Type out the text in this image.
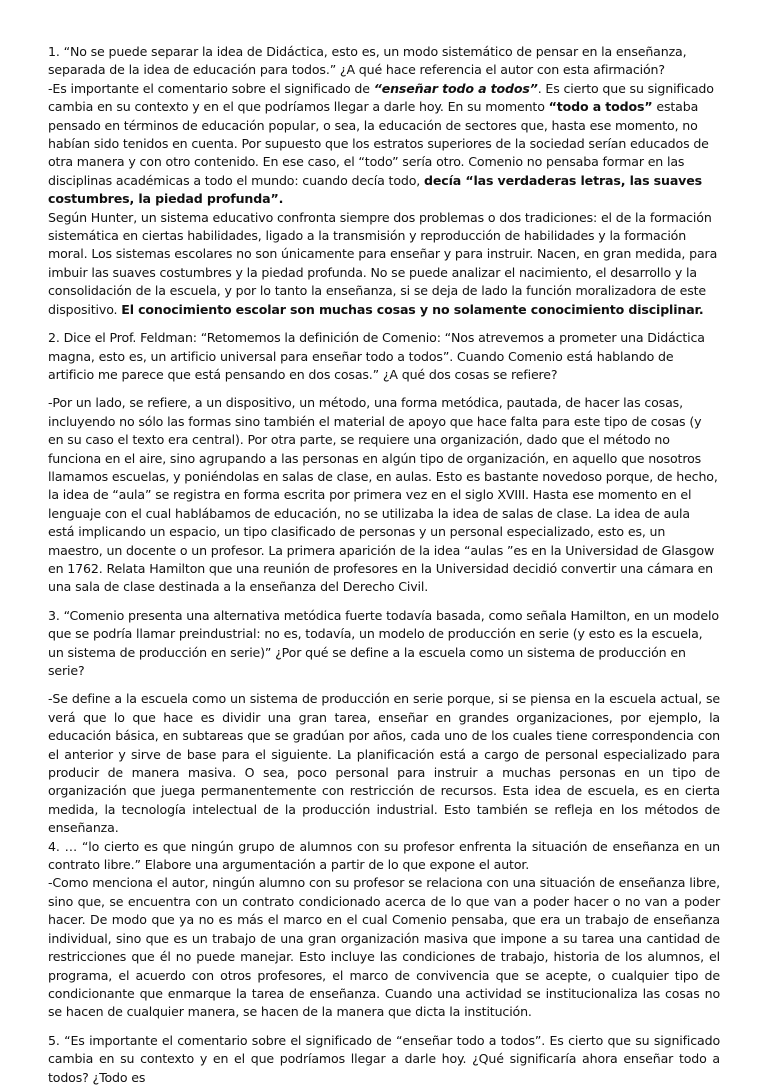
1. “No se puede separar la idea de Didáctica, esto es, un modo sistemático de pensar en la enseñanza, separada de la idea de educación para todos.” ¿A qué hace referencia el autor con esta afirmación?

-Es importante el comentario sobre el significado de “enseñar todo a todos”. Es cierto que su significado cambia en su contexto y en el que podríamos llegar a darle hoy. En su momento “todo a todos” estaba pensado en términos de educación popular, o sea, la educación de sectores que, hasta ese momento, no habían sido tenidos en cuenta. Por supuesto que los estratos superiores de la sociedad serían educados de otra manera y con otro contenido. En ese caso, el “todo” sería otro. Comenio no pensaba formar en las disciplinas académicas a todo el mundo: cuando decía todo, decía “las verdaderas letras, las suaves costumbres, la piedad profunda”.

Según Hunter, un sistema educativo confronta siempre dos problemas o dos tradiciones: el de la formación sistemática en ciertas habilidades, ligado a la transmisión y reproducción de habilidades y la formación moral. Los sistemas escolares no son únicamente para enseñar y para instruir. Nacen, en gran medida, para imbuir las suaves costumbres y la piedad profunda. No se puede analizar el nacimiento, el desarrollo y la consolidación de la escuela, y por lo tanto la enseñanza, si se deja de lado la función moralizadora de este dispositivo. El conocimiento escolar son muchas cosas y no solamente conocimiento disciplinar.

2. Dice el Prof. Feldman: “Retomemos la definición de Comenio: “Nos atrevemos a prometer una Didáctica magna, esto es, un artificio universal para enseñar todo a todos”. Cuando Comenio está hablando de artificio me parece que está pensando en dos cosas.” ¿A qué dos cosas se refiere?

-Por un lado, se refiere, a un dispositivo, un método, una forma metódica, pautada, de hacer las cosas, incluyendo no sólo las formas sino también el material de apoyo que hace falta para este tipo de cosas (y en su caso el texto era central). Por otra parte, se requiere una organización, dado que el método no funciona en el aire, sino agrupando a las personas en algún tipo de organización, en aquello que nosotros llamamos escuelas, y poniéndolas en salas de clase, en aulas. Esto es bastante novedoso porque, de hecho, la idea de “aula” se registra en forma escrita por primera vez en el siglo XVIII. Hasta ese momento en el lenguaje con el cual hablábamos de educación, no se utilizaba la idea de salas de clase. La idea de aula está implicando un espacio, un tipo clasificado de personas y un personal especializado, esto es, un maestro, un docente o un profesor. La primera aparición de la idea “aulas ”es en la Universidad de Glasgow en 1762. Relata Hamilton que una reunión de profesores en la Universidad decidió convertir una cámara en una sala de clase destinada a la enseñanza del Derecho Civil.

3. “Comenio presenta una alternativa metódica fuerte todavía basada, como señala Hamilton, en un modelo que se podría llamar preindustrial: no es, todavía, un modelo de producción en serie (y esto es la escuela, un sistema de producción en serie)” ¿Por qué se define a la escuela como un sistema de producción en serie?

-Se define a la escuela como un sistema de producción en serie porque, si se piensa en la escuela actual, se verá que lo que hace es dividir una gran tarea, enseñar en grandes organizaciones, por ejemplo, la educación básica, en subtareas que se gradúan por años, cada uno de los cuales tiene correspondencia con el anterior y sirve de base para el siguiente. La planificación está a cargo de personal especializado para producir de manera masiva. O sea, poco personal para instruir a muchas personas en un tipo de organización que juega permanentemente con restricción de recursos. Esta idea de escuela, es en cierta medida, la tecnología intelectual de la producción industrial. Esto también se refleja en los métodos de enseñanza.

4. … “lo cierto es que ningún grupo de alumnos con su profesor enfrenta la situación de enseñanza en un contrato libre.” Elabore una argumentación a partir de lo que expone el autor.

-Como menciona el autor, ningún alumno con su profesor se relaciona con una situación de enseñanza libre, sino que, se encuentra con un contrato condicionado acerca de lo que van a poder hacer o no van a poder hacer. De modo que ya no es más el marco en el cual Comenio pensaba, que era un trabajo de enseñanza individual, sino que es un trabajo de una gran organización masiva que impone a su tarea una cantidad de restricciones que él no puede manejar. Esto incluye las condiciones de trabajo, historia de los alumnos, el programa, el acuerdo con otros profesores, el marco de convivencia que se acepte, o cualquier tipo de condicionante que enmarque la tarea de enseñanza. Cuando una actividad se institucionaliza las cosas no se hacen de cualquier manera, se hacen de la manera que dicta la institución.

5. “Es importante el comentario sobre el significado de “enseñar todo a todos”. Es cierto que su significado cambia en su contexto y en el que podríamos llegar a darle hoy. ¿Qué significaría ahora enseñar todo a todos? ¿Todo es
